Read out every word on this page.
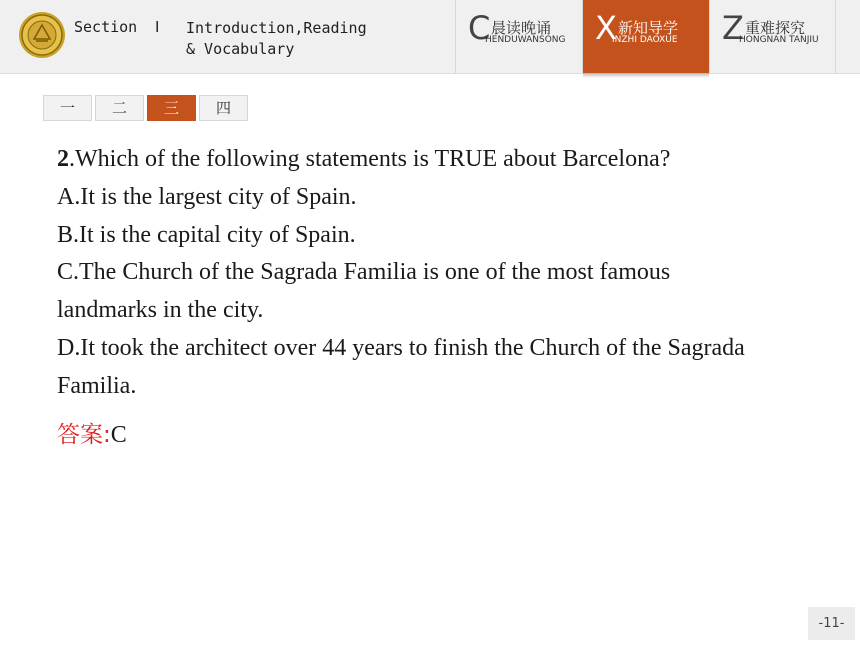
Section Ⅰ Introduction,Reading
& Vocabulary
C 晨读晚诵
HENDUWANSONG X 新知导学
INZHI DAOXUE Z 重难探究
HONGNAN TANJIU
一	二	三	四

2.Which of the following statements is TRUE about Barcelona?

A.It is the largest city of Spain.

B.It is the capital city of Spain.

C.The Church of the Sagrada Familia is one of the most famous landmarks in the city.

D.It took the architect over 44 years to finish the Church of the Sagrada Familia.

答案:C
-11-
